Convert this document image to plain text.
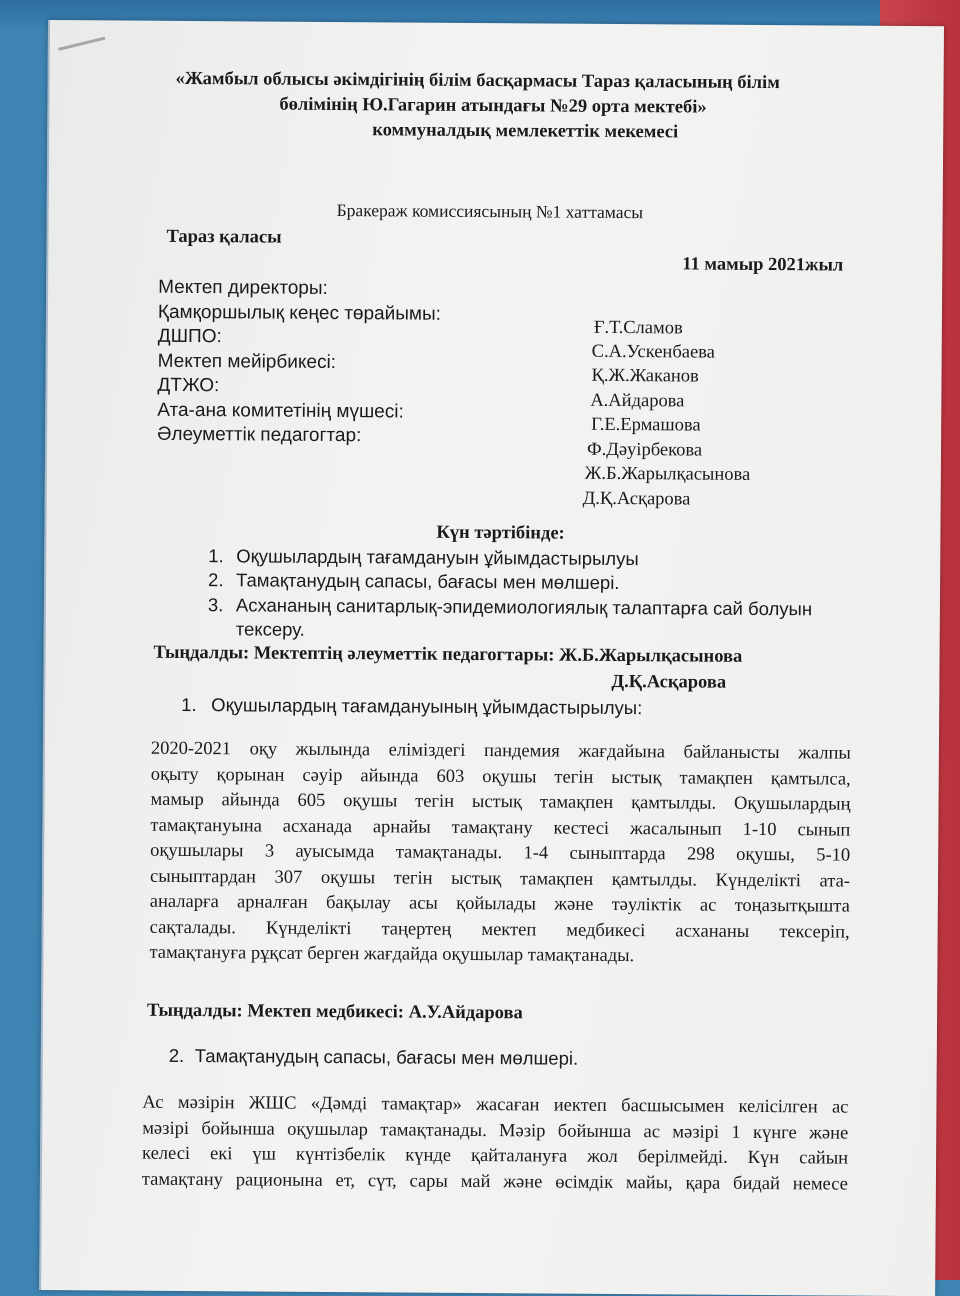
«Жамбыл облысы әкімдігінің білім басқармасы Тараз қаласының білім
бөлімінің Ю.Гагарин атындағы №29 орта мектебі»
коммуналдық мемлекеттік мекемесі
Бракераж комиссиясының №1 хаттамасы
Тараз қаласы
11 мамыр 2021жыл
Мектеп директоры:
Қамқоршылық кеңес төрайымы:
ДШПО:
Мектеп мейірбикесі:
ДТЖО:
Ата-ана комитетінің мүшесі:
Әлеуметтік педагогтар:
Ғ.Т.Сламов
С.А.Ускенбаева
Қ.Ж.Жаканов
А.Айдарова
Г.Е.Ермашова
Ф.Дәуірбекова
Ж.Б.Жарылқасынова
Д.Қ.Асқарова
Күн тәртібінде:
1. Оқушылардың тағамдануын ұйымдастырылуы
2. Тамақтанудың сапасы, бағасы мен мөлшері.
3. Асхананың санитарлық-эпидемиологиялық талаптарға сай болуын
тексеру.
Тыңдалды: Мектептің әлеуметтік педагогтары: Ж.Б.Жарылқасынова
Д.Қ.Асқарова
1. Оқушылардың тағамдануының ұйымдастырылуы:

2020-2021 оқу жылында еліміздегі пандемия жағдайына байланысты жалпы

оқыту қорынан сәуір айында 603 оқушы тегін ыстық тамақпен қамтылса,

мамыр айында 605 оқушы тегін ыстық тамақпен қамтылды. Оқушылардың

тамақтануына асханада арнайы тамақтану кестесі жасалынып 1-10 сынып

оқушылары 3 ауысымда тамақтанады. 1-4 сыныптарда 298 оқушы, 5-10

сыныптардан 307 оқушы тегін ыстық тамақпен қамтылды. Күнделікті ата-

аналарға арналған бақылау асы қойылады және тәуліктік ас тоңазытқышта

сақталады. Күнделікті таңертең мектеп медбикесі асхананы тексеріп,

тамақтануға рұқсат берген жағдайда оқушылар тамақтанады.

Тыңдалды: Мектеп медбикесі: А.У.Айдарова
2. Тамақтанудың сапасы, бағасы мен мөлшері.

Ас мәзірін ЖШС «Дәмді тамақтар» жасаған иектеп басшысымен келісілген ас

мәзірі бойынша оқушылар тамақтанады. Мәзір бойынша ас мәзірі 1 күнге және

келесі екі үш күнтізбелік күнде қайталануға жол берілмейді. Күн сайын

тамақтану рационына ет, сүт, сары май және өсімдік майы, қара бидай немесе
